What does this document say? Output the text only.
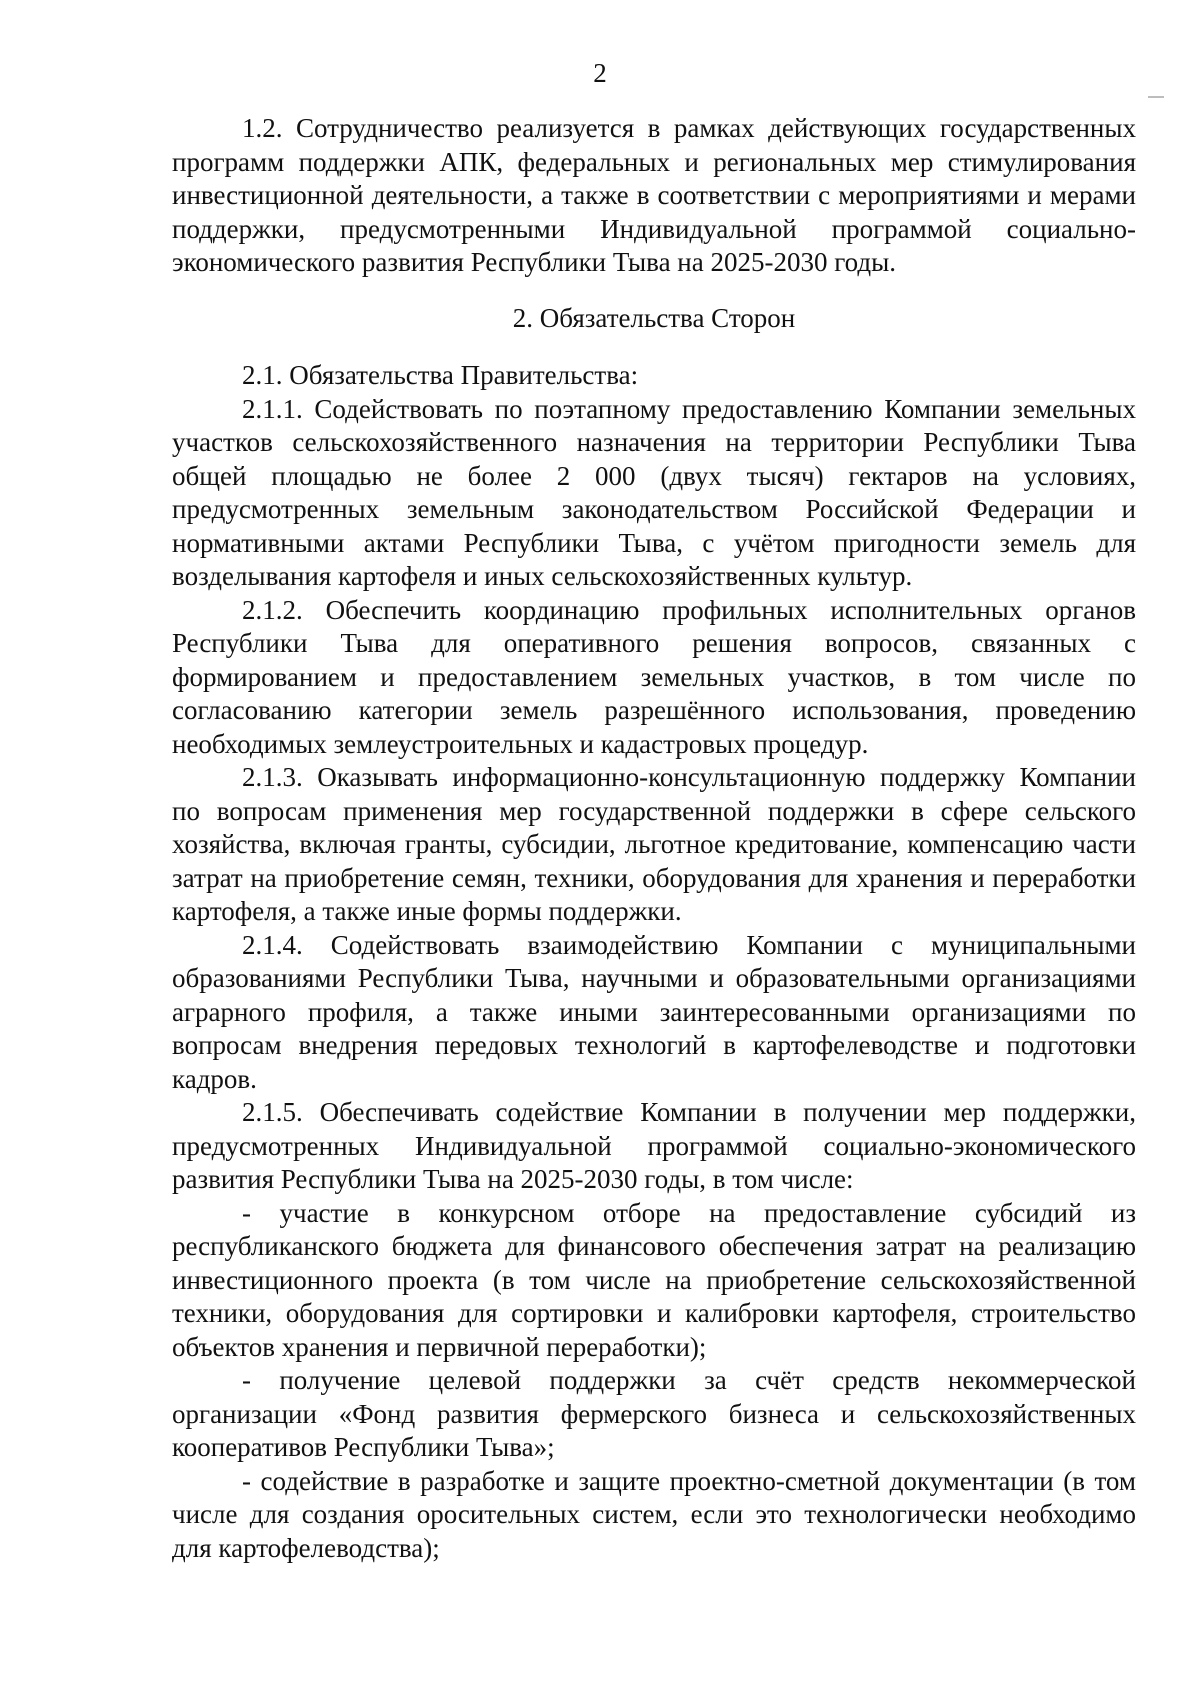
2

1.2. Сотрудничество реализуется в рамках действующих государственных программ поддержки АПК, федеральных и региональных мер стимулирования инвестиционной деятельности, а также в соответствии с мероприятиями и мерами поддержки, предусмотренными Индивидуальной программой социально-экономического развития Республики Тыва на 2025-2030 годы.

2. Обязательства Сторон

2.1. Обязательства Правительства:

2.1.1. Содействовать по поэтапному предоставлению Компании земельных участков сельскохозяйственного назначения на территории Республики Тыва общей площадью не более 2 000 (двух тысяч) гектаров на условиях, предусмотренных земельным законодательством Российской Федерации и нормативными актами Республики Тыва, с учётом пригодности земель для возделывания картофеля и иных сельскохозяйственных культур.

2.1.2. Обеспечить координацию профильных исполнительных органов Республики Тыва для оперативного решения вопросов, связанных с формированием и предоставлением земельных участков, в том числе по согласованию категории земель разрешённого использования, проведению необходимых землеустроительных и кадастровых процедур.

2.1.3. Оказывать информационно-консультационную поддержку Компании по вопросам применения мер государственной поддержки в сфере сельского хозяйства, включая гранты, субсидии, льготное кредитование, компенсацию части затрат на приобретение семян, техники, оборудования для хранения и переработки картофеля, а также иные формы поддержки.

2.1.4. Содействовать взаимодействию Компании с муниципальными образованиями Республики Тыва, научными и образовательными организациями аграрного профиля, а также иными заинтересованными организациями по вопросам внедрения передовых технологий в картофелеводстве и подготовки кадров.

2.1.5. Обеспечивать содействие Компании в получении мер поддержки, предусмотренных Индивидуальной программой социально-экономического развития Республики Тыва на 2025-2030 годы, в том числе:

- участие в конкурсном отборе на предоставление субсидий из республиканского бюджета для финансового обеспечения затрат на реализацию инвестиционного проекта (в том числе на приобретение сельскохозяйственной техники, оборудования для сортировки и калибровки картофеля, строительство объектов хранения и первичной переработки);

- получение целевой поддержки за счёт средств некоммерческой организации «Фонд развития фермерского бизнеса и сельскохозяйственных кооперативов Республики Тыва»;

- содействие в разработке и защите проектно-сметной документации (в том числе для создания оросительных систем, если это технологически необходимо для картофелеводства);
